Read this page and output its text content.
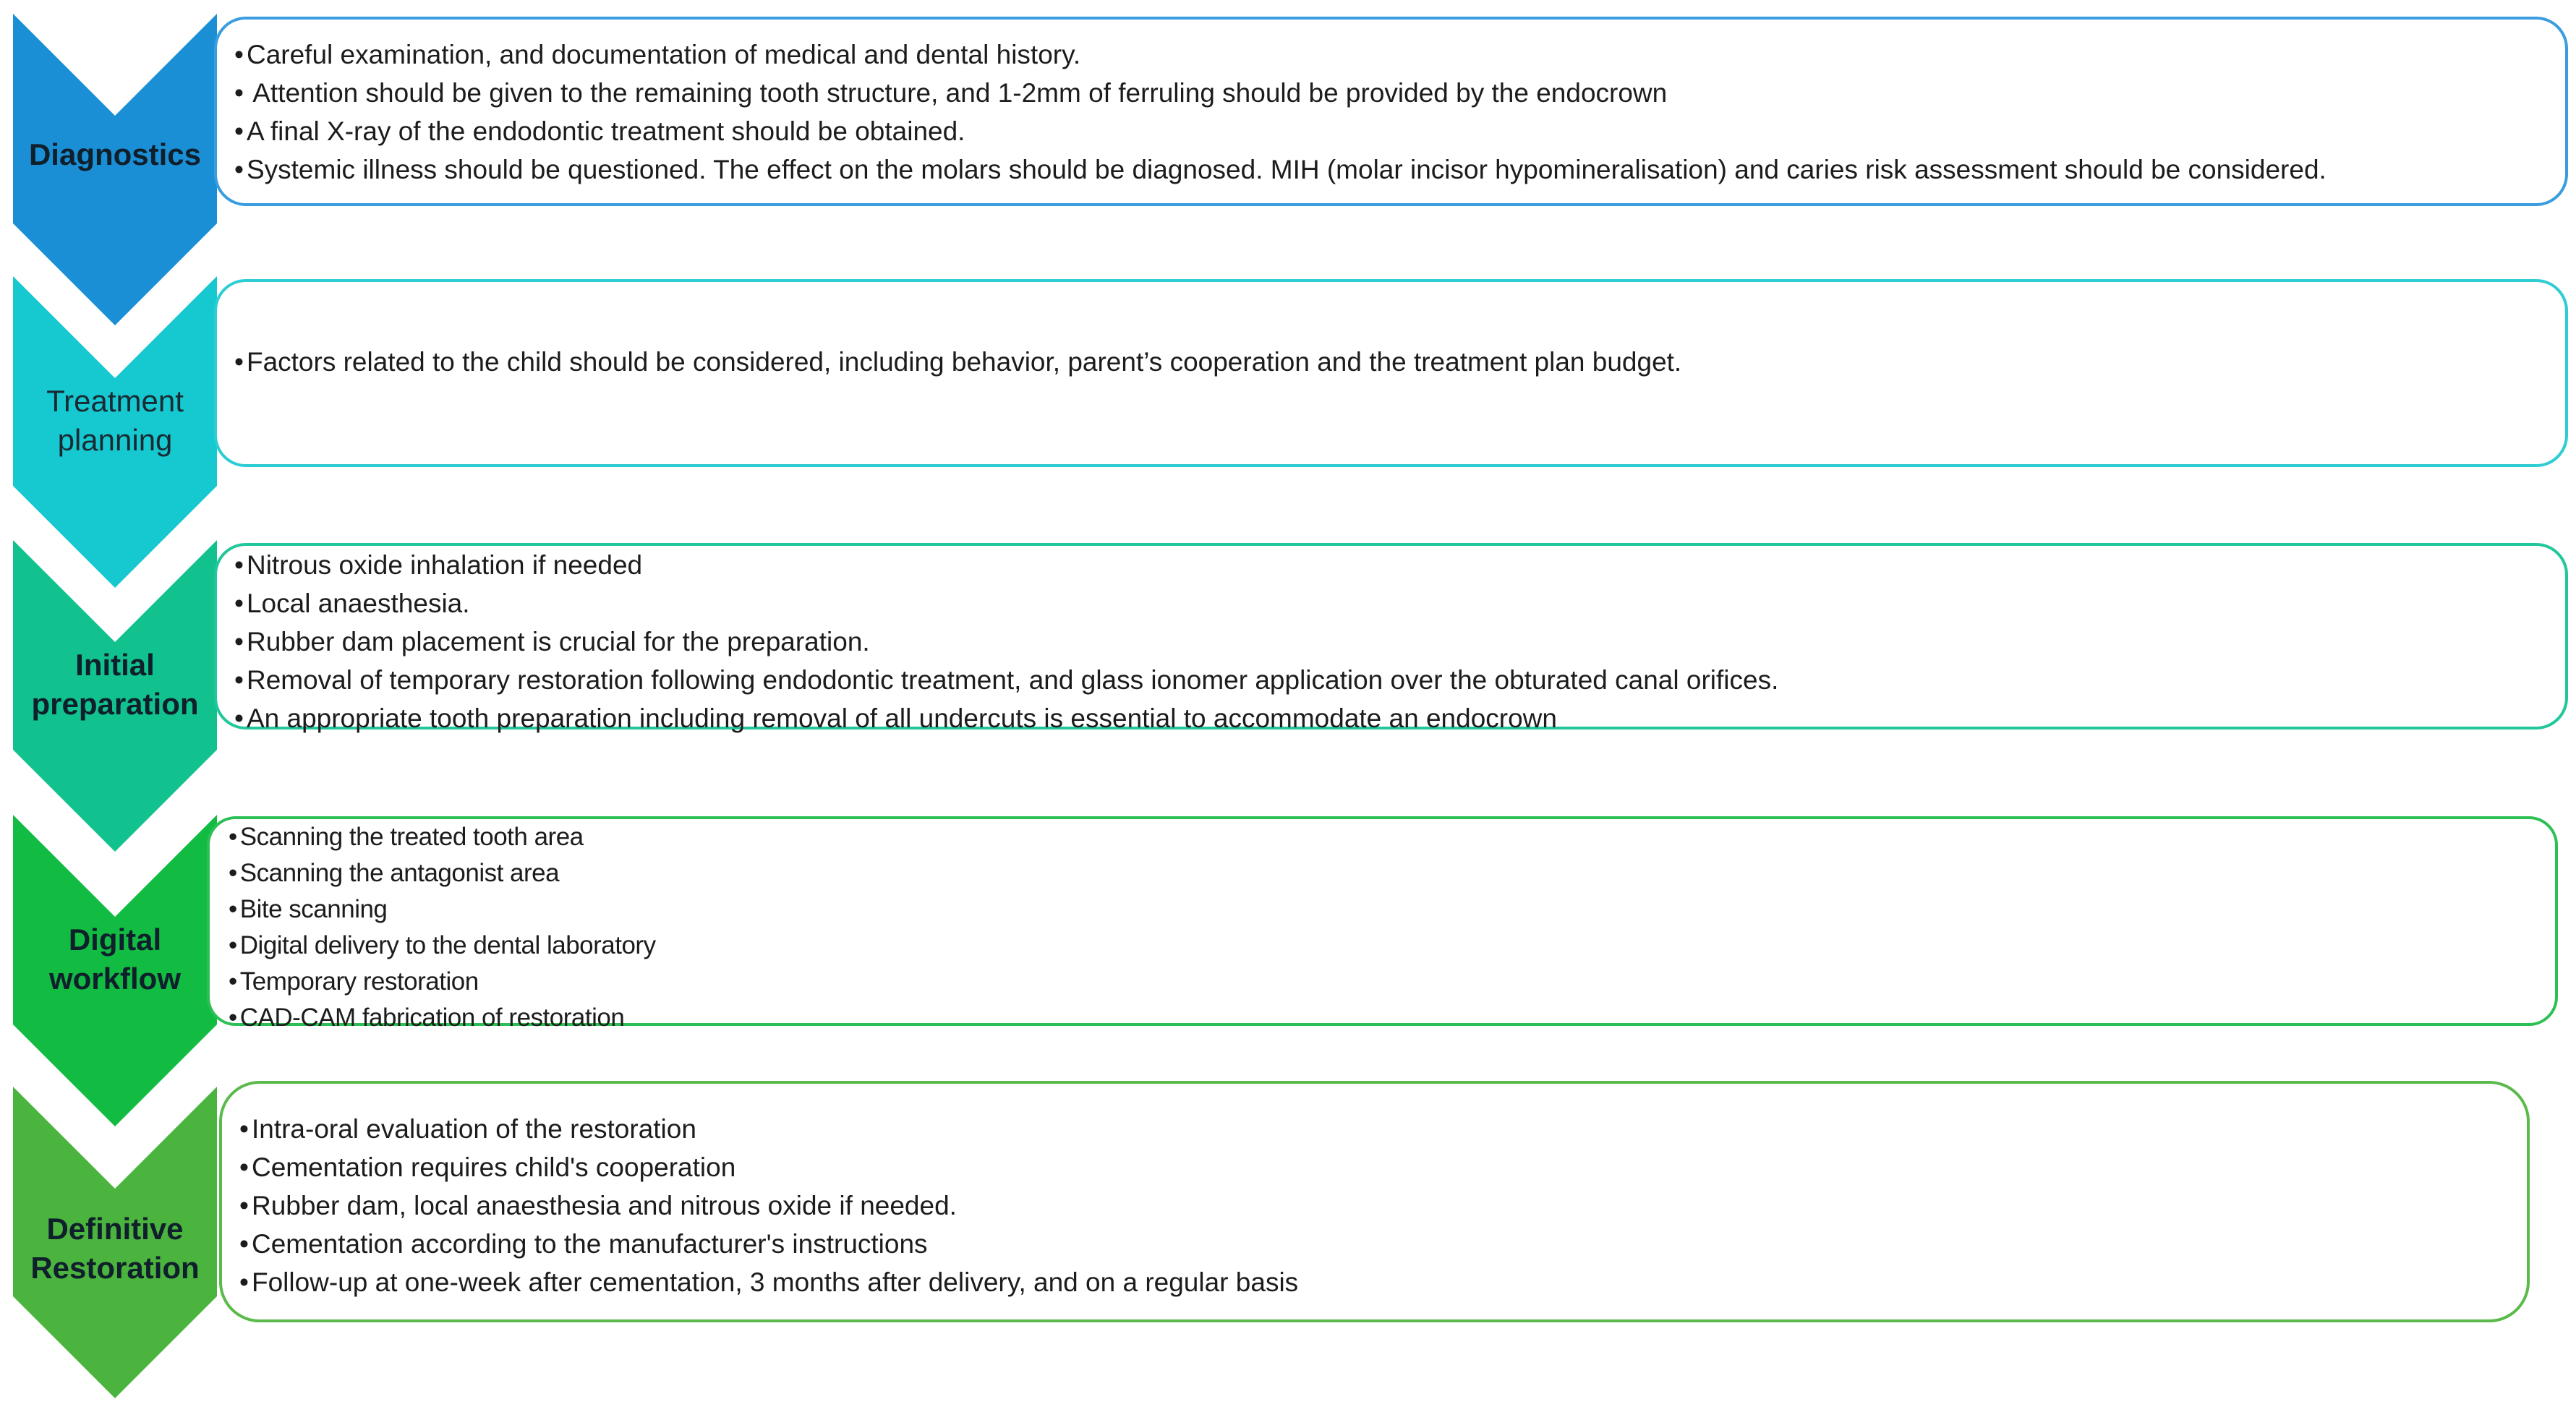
Diagnostics
• Careful examination, and documentation of medical and dental history.
• Attention should be given to the remaining tooth structure, and 1-2mm of ferruling should be provided by the endocrown
• A final X-ray of the endodontic treatment should be obtained.
• Systemic illness should be questioned. The effect on the molars should be diagnosed. MIH (molar incisor hypomineralisation) and caries risk assessment should be considered.
Treatment
planning
• Factors related to the child should be considered, including behavior, parent’s cooperation and the treatment plan budget.
Initial
preparation
• Nitrous oxide inhalation if needed
• Local anaesthesia.
• Rubber dam placement is crucial for the preparation.
• Removal of temporary restoration following endodontic treatment, and glass ionomer application over the obturated canal orifices.
• An appropriate tooth preparation including removal of all undercuts is essential to accommodate an endocrown
Digital
workflow
• Scanning the treated tooth area
• Scanning the antagonist area
• Bite scanning
• Digital delivery to the dental laboratory
• Temporary restoration
• CAD-CAM fabrication of restoration
Definitive
Restoration
• Intra-oral evaluation of the restoration
• Cementation requires child's cooperation
• Rubber dam, local anaesthesia and nitrous oxide if needed.
• Cementation according to the manufacturer's instructions
• Follow-up at one-week after cementation, 3 months after delivery, and on a regular basis
